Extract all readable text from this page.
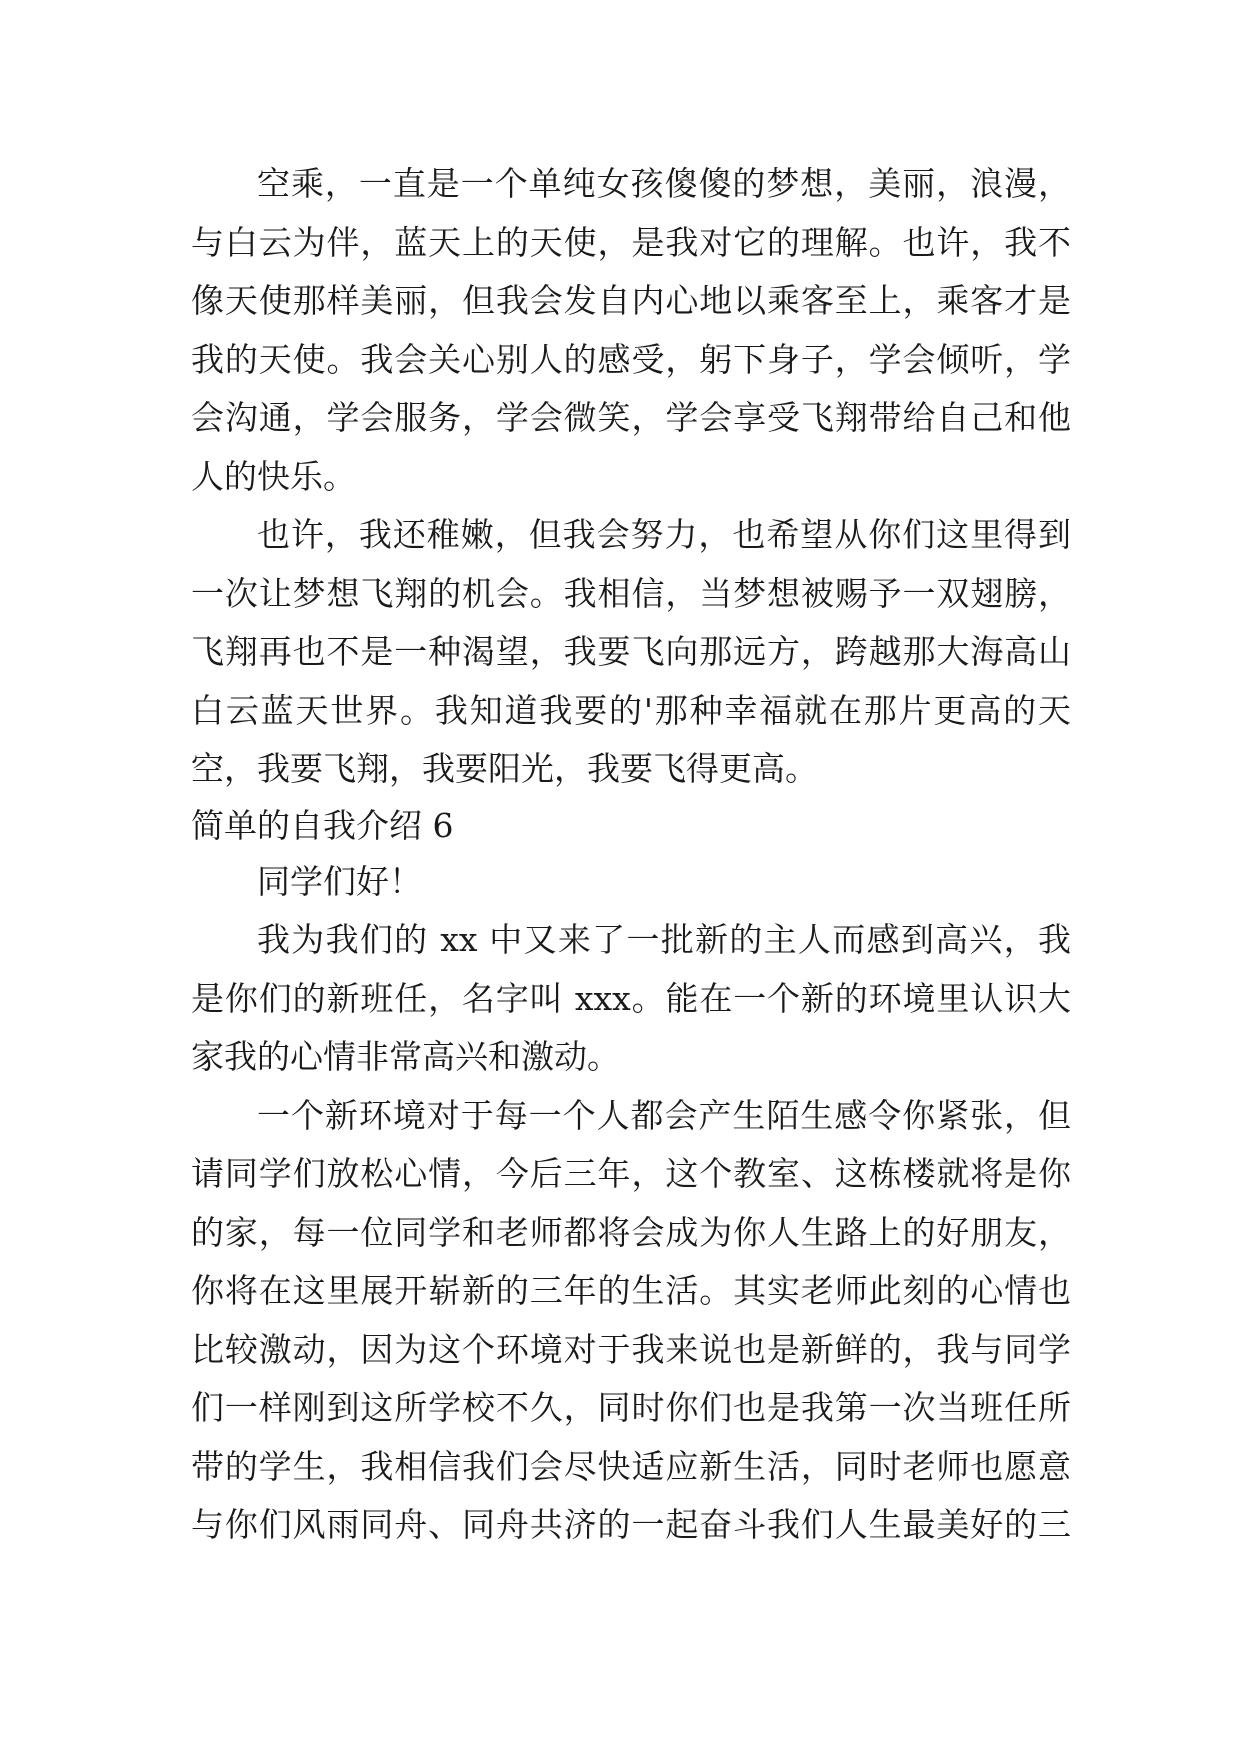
空乘，一直是一个单纯女孩傻傻的梦想，美丽，浪漫，
与白云为伴，蓝天上的天使，是我对它的理解。也许，我不
像天使那样美丽，但我会发自内心地以乘客至上，乘客才是
我的天使。我会关心别人的感受，躬下身子，学会倾听，学
会沟通，学会服务，学会微笑，学会享受飞翔带给自己和他
人的快乐。
也许，我还稚嫩，但我会努力，也希望从你们这里得到
一次让梦想飞翔的机会。我相信，当梦想被赐予一双翅膀，
飞翔再也不是一种渴望，我要飞向那远方，跨越那大海高山
白云蓝天世界。我知道我要的'那种幸福就在那片更高的天
空，我要飞翔，我要阳光，我要飞得更高。
简单的自我介绍 6
同学们好！
我为我们的 xx 中又来了一批新的主人而感到高兴，我
是你们的新班任，名字叫 xxx。能在一个新的环境里认识大
家我的心情非常高兴和激动。
一个新环境对于每一个人都会产生陌生感令你紧张，但
请同学们放松心情，今后三年，这个教室、这栋楼就将是你
的家，每一位同学和老师都将会成为你人生路上的好朋友，
你将在这里展开崭新的三年的生活。其实老师此刻的心情也
比较激动，因为这个环境对于我来说也是新鲜的，我与同学
们一样刚到这所学校不久，同时你们也是我第一次当班任所
带的学生，我相信我们会尽快适应新生活，同时老师也愿意
与你们风雨同舟、同舟共济的一起奋斗我们人生最美好的三
